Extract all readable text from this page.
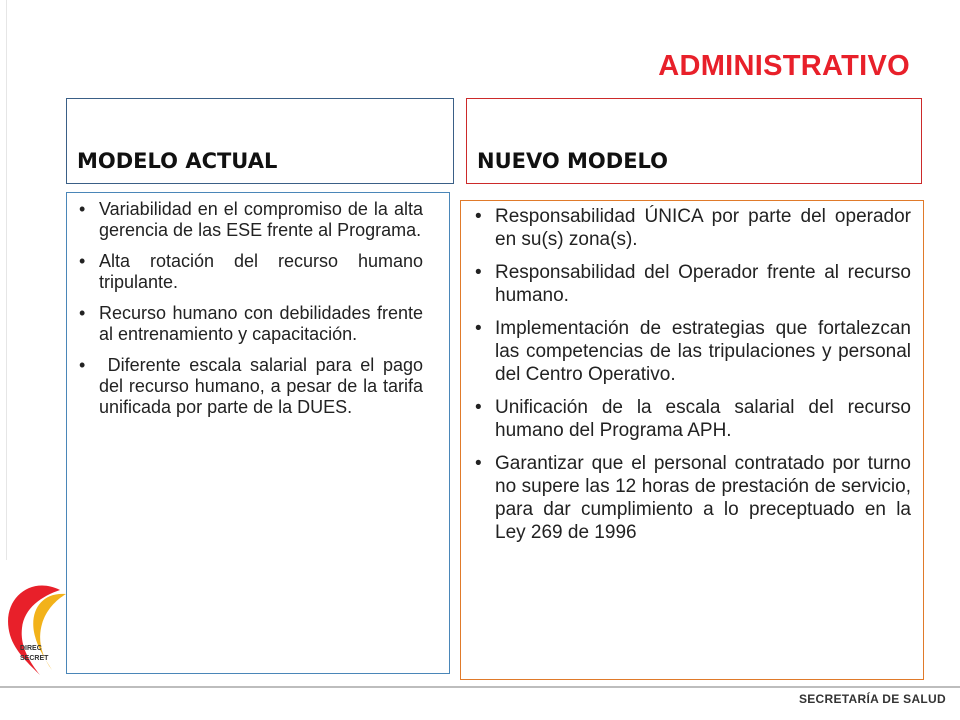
ADMINISTRATIVO
MODELO ACTUAL	NUEVO MODELO
• Variabilidad en el compromiso de la alta gerencia de las ESE frente al Programa.
• Alta rotación del recurso humano tripulante.
• Recurso humano con debilidades frente al entrenamiento y capacitación.
• Diferente escala salarial para el pago del recurso humano, a pesar de la tarifa unificada por parte de la DUES.
• Responsabilidad ÚNICA por parte del operador en su(s) zona(s).
• Responsabilidad del Operador frente al recurso humano.
• Implementación de estrategias que fortalezcan las competencias de las tripulaciones y personal del Centro Operativo.
• Unificación de la escala salarial del recurso humano del Programa APH.
• Garantizar que el personal contratado por turno no supere las 12 horas de prestación de servicio, para dar cumplimiento a lo preceptuado en la Ley 269 de 1996
DIREC
SECRET
SECRETARÍA DE SALUD
